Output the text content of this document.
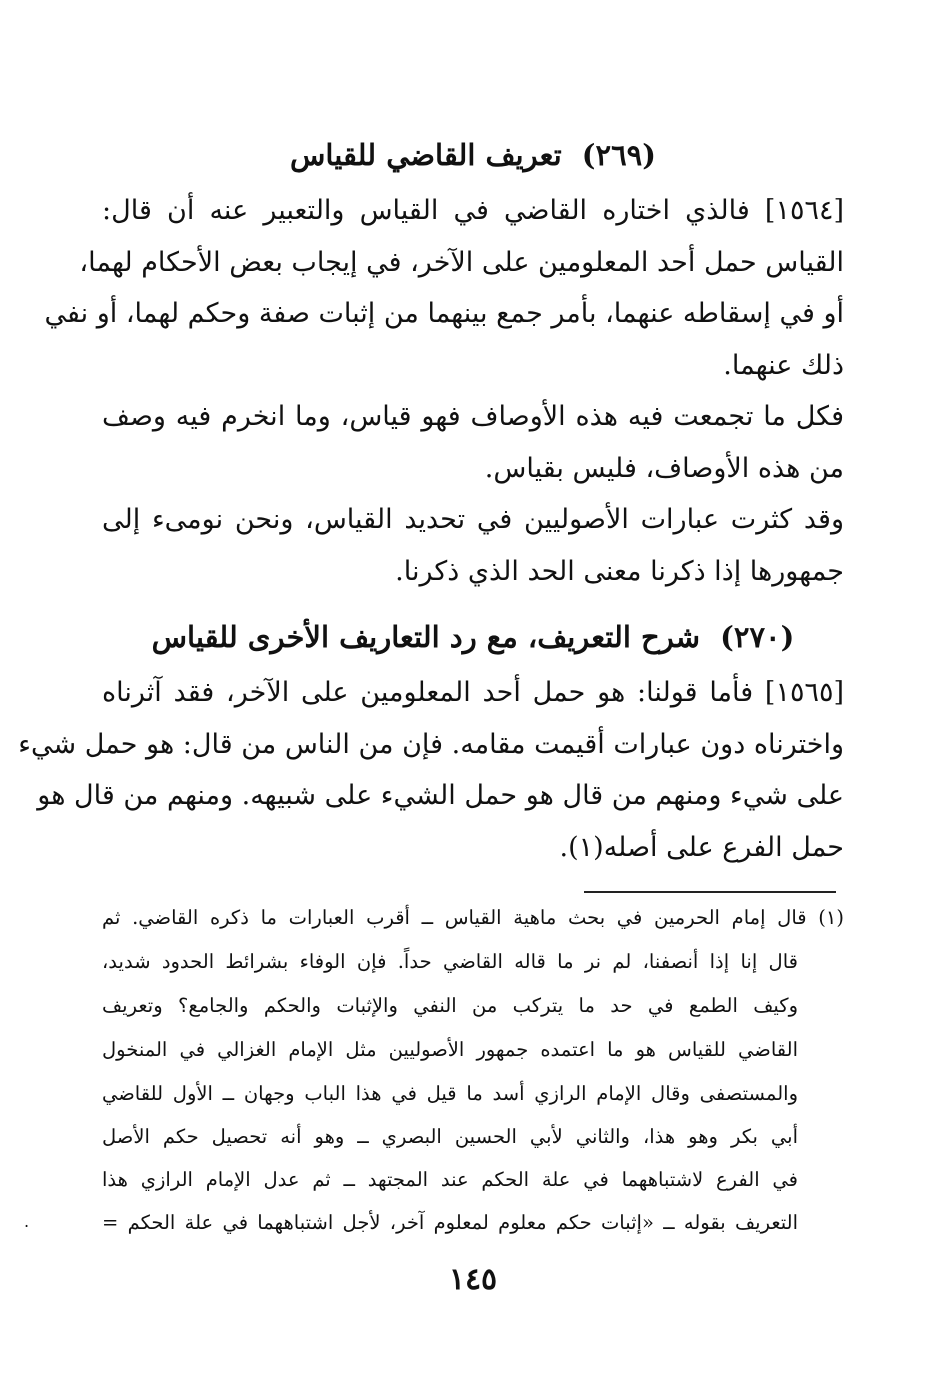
(٢٦٩) تعريف القاضي للقياس
[١٥٦٤] فالذي اختاره القاضي في القياس والتعبير عنه أن قال:
القياس حمل أحد المعلومين على الآخر، في إيجاب بعض الأحكام لهما،
أو في إسقاطه عنهما، بأمر جمع بينهما من إثبات صفة وحكم لهما، أو نفي
ذلك عنهما.
فكل ما تجمعت فيه هذه الأوصاف فهو قياس، وما انخرم فيه وصف
من هذه الأوصاف، فليس بقياس.
وقد كثرت عبارات الأصوليين في تحديد القياس، ونحن نومىء إلى
جمهورها إذا ذكرنا معنى الحد الذي ذكرنا.
(٢٧٠) شرح التعريف، مع رد التعاريف الأخرى للقياس
[١٥٦٥] فأما قولنا: هو حمل أحد المعلومين على الآخر، فقد آثرناه
واخترناه دون عبارات أقيمت مقامه. فإن من الناس من قال: هو حمل شيء
على شيء ومنهم من قال هو حمل الشيء على شبيهه. ومنهم من قال هو
حمل الفرع على أصله(١).
(١) قال إمام الحرمين في بحث ماهية القياس ــ أقرب العبارات ما ذكره القاضي. ثم
قال إنا إذا أنصفنا، لم نر ما قاله القاضي حداً. فإن الوفاء بشرائط الحدود شديد،
وكيف الطمع في حد ما يتركب من النفي والإثبات والحكم والجامع؟ وتعريف
القاضي للقياس هو ما اعتمده جمهور الأصوليين مثل الإمام الغزالي في المنخول
والمستصفى وقال الإمام الرازي أسد ما قيل في هذا الباب وجهان ــ الأول للقاضي
أبي بكر وهو هذا، والثاني لأبي الحسين البصري ــ وهو أنه تحصيل حكم الأصل
في الفرع لاشتباههما في علة الحكم عند المجتهد ــ ثم عدل الإمام الرازي هذا
التعريف بقوله ــ «إثبات حكم معلوم لمعلوم آخر، لأجل اشتباههما في علة الحكم =
.
١٤٥
